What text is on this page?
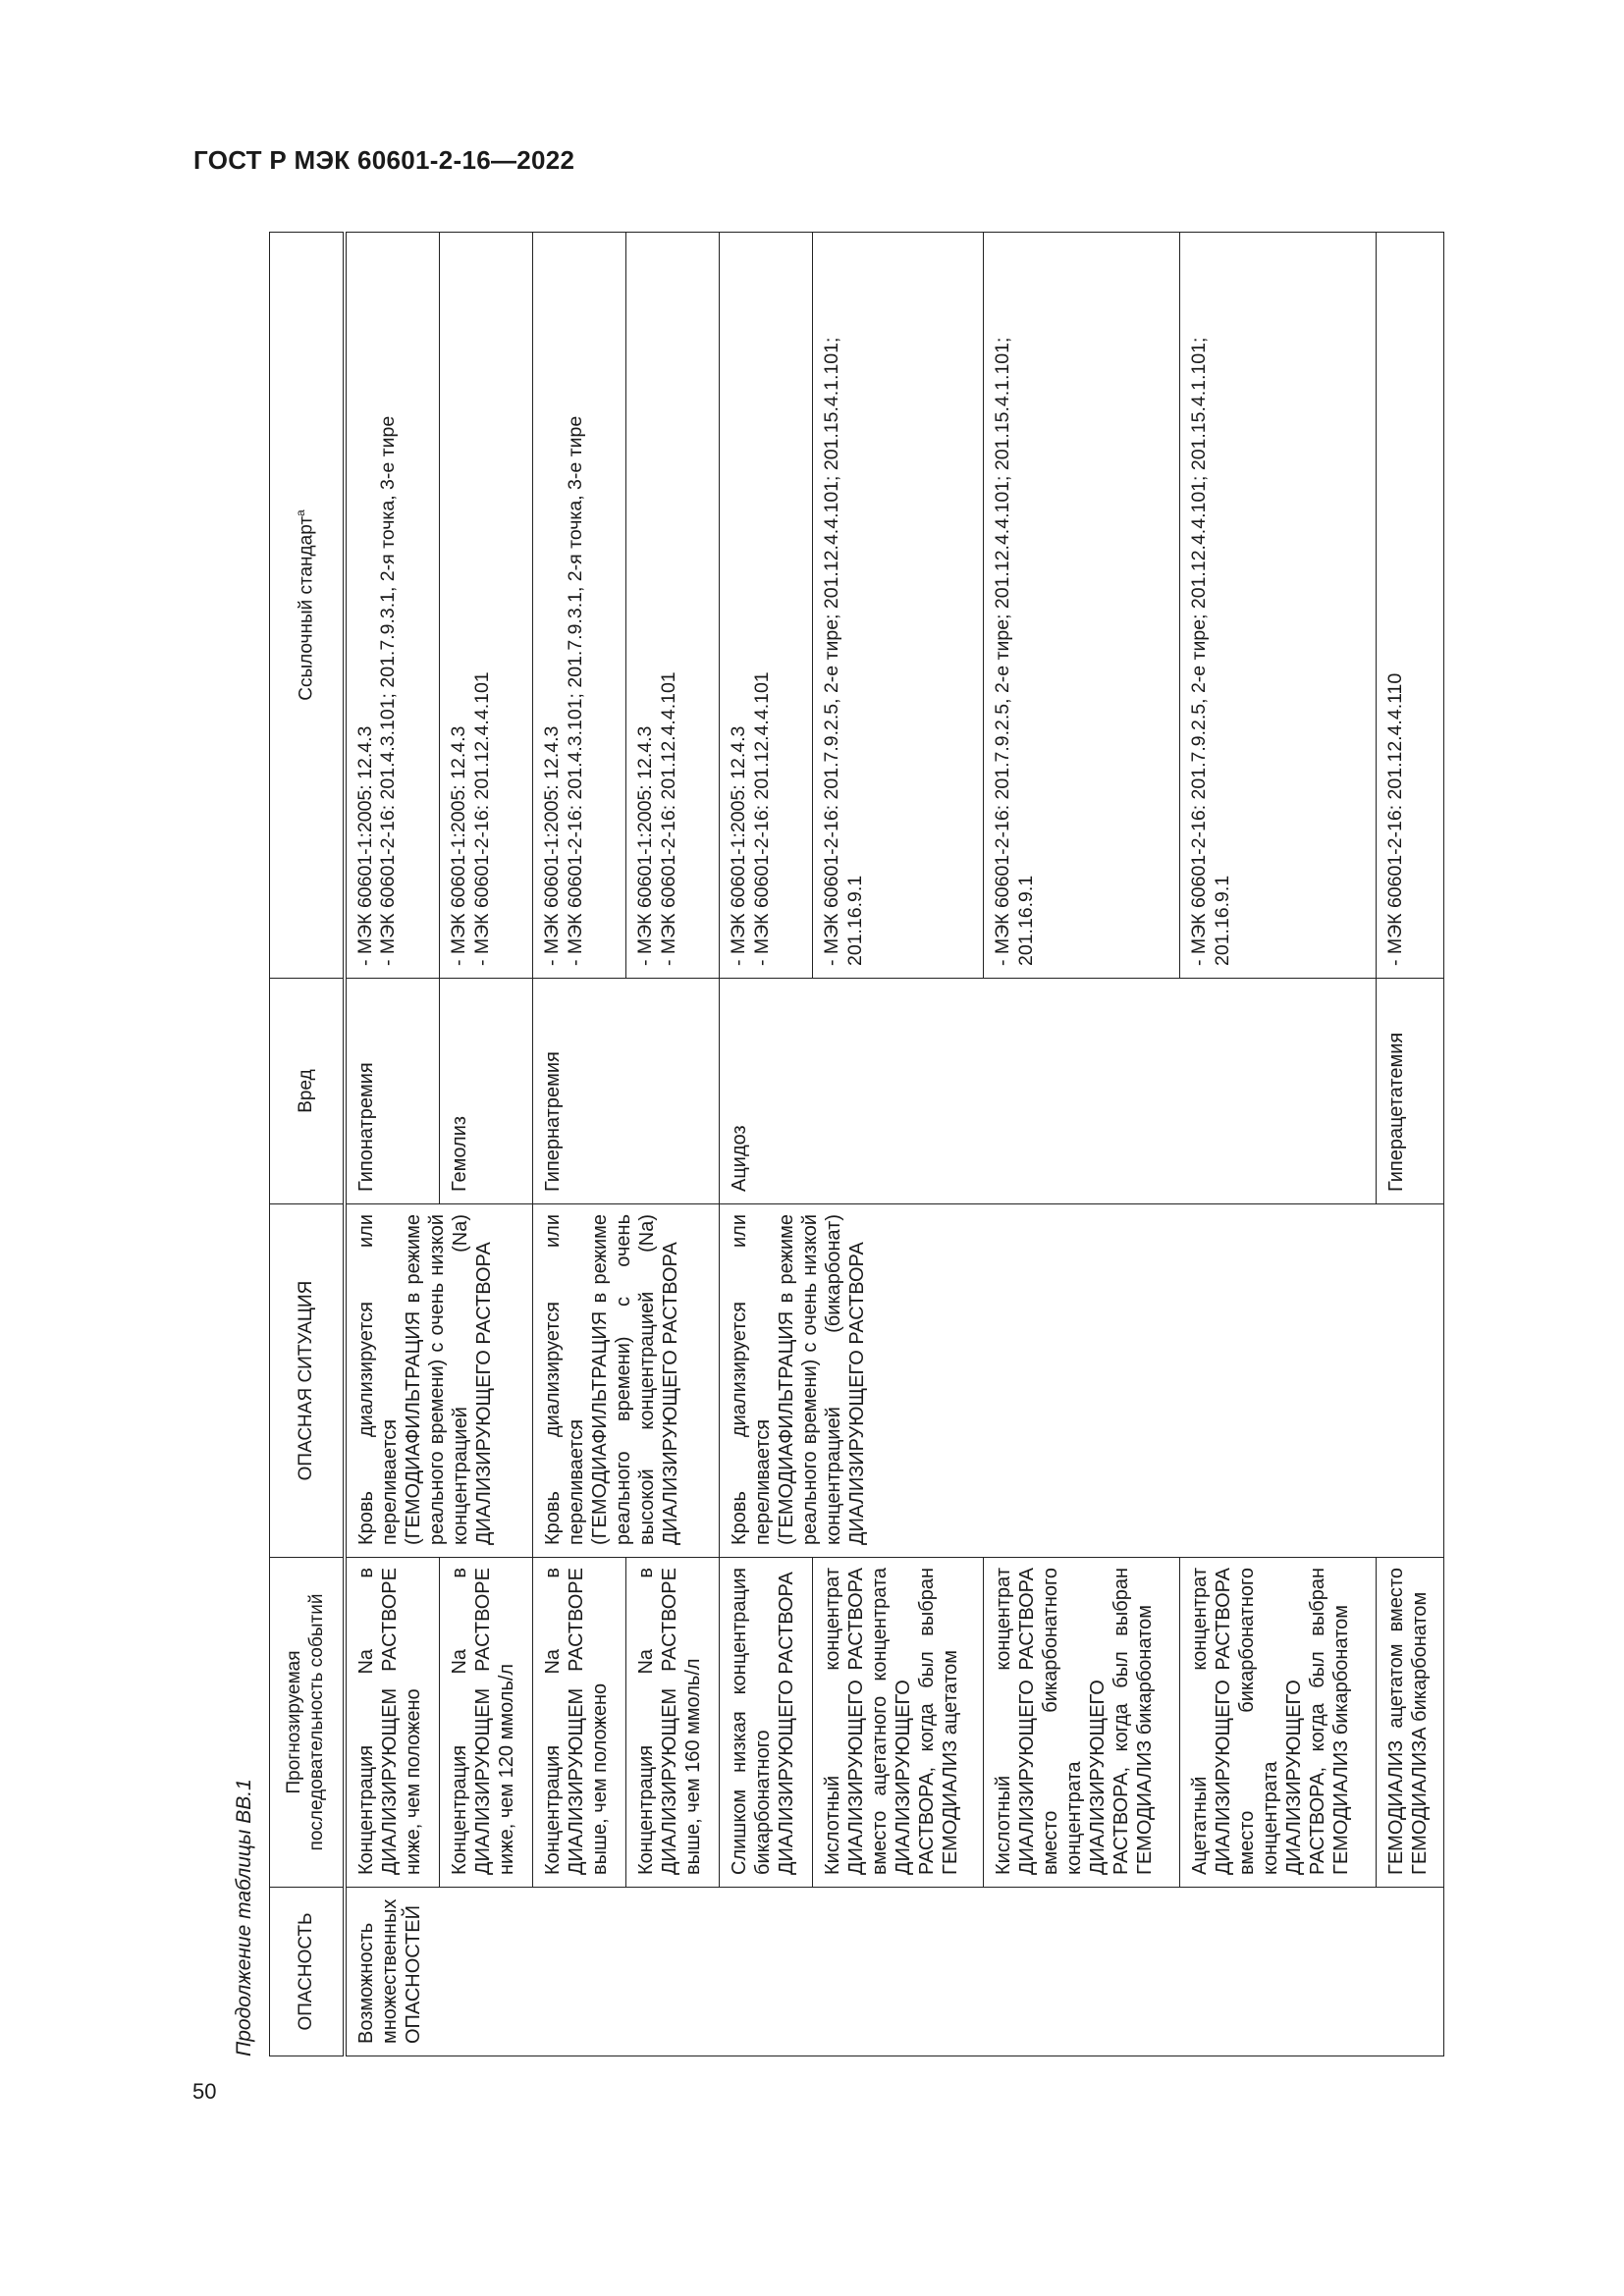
ГОСТ Р МЭК 60601-2-16—2022

Продолжение таблицы ВВ.1 ОПАСНОСТЬ	Прогнозируемая последовательность событий	ОПАСНАЯ СИТУАЦИЯ	Вред	Ссылочный стандарт$^а$
Возможность множественных ОПАСНОСТЕЙ	Концентрация Na в ДИАЛИЗИРУЮЩЕМ РАСТВОРЕ ниже, чем положено	Кровь диализируется или переливается (ГЕМОДИАФИЛЬТРАЦИЯ в режиме реального времени) с очень низкой концентрацией (Na) ДИАЛИЗИРУЮЩЕГО РАСТВОРА	Гипонатремия	- МЭК 60601-1:2005: 12.4.3
- МЭК 60601-2-16: 201.4.3.101; 201.7.9.3.1, 2-я точка, 3-е тире
	Концентрация Na в ДИАЛИЗИРУЮЩЕМ РАСТВОРЕ ниже, чем 120 ммоль/л		Гемолиз	- МЭК 60601-1:2005: 12.4.3
- МЭК 60601-2-16: 201.12.4.4.101
	Концентрация Na в ДИАЛИЗИРУЮЩЕМ РАСТВОРЕ выше, чем положено	Кровь диализируется или переливается (ГЕМОДИАФИЛЬТРАЦИЯ в режиме реального времени) с очень высокой концентрацией (Na) ДИАЛИЗИРУЮЩЕГО РАСТВОРА	Гипернатремия	- МЭК 60601-1:2005: 12.4.3
- МЭК 60601-2-16: 201.4.3.101; 201.7.9.3.1, 2-я точка, 3-е тире
	Концентрация Na в ДИАЛИЗИРУЮЩЕМ РАСТВОРЕ выше, чем 160 ммоль/л			- МЭК 60601-1:2005: 12.4.3
- МЭК 60601-2-16: 201.12.4.4.101
	Слишком низкая концентрация бикарбонатного ДИАЛИЗИРУЮЩЕГО РАСТВОРА	Кровь диализируется или переливается (ГЕМОДИАФИЛЬТРАЦИЯ в режиме реального времени) с очень низкой концентрацией (бикарбонат) ДИАЛИЗИРУЮЩЕГО РАСТВОРА	Ацидоз	- МЭК 60601-1:2005: 12.4.3
- МЭК 60601-2-16: 201.12.4.4.101
	Кислотный концентрат ДИАЛИЗИРУЮЩЕГО РАСТВОРА вместо ацетатного концентрата ДИАЛИЗИРУЮЩЕГО РАСТВОРА, когда был выбран ГЕМОДИАЛИЗ ацетатом			- МЭК 60601-2-16: 201.7.9.2.5, 2-е тире; 201.12.4.4.101; 201.15.4.1.101; 201.16.9.1
	Кислотный концентрат ДИАЛИЗИРУЮЩЕГО РАСТВОРА вместо бикарбонатного концентрата ДИАЛИЗИРУЮЩЕГО РАСТВОРА, когда был выбран ГЕМОДИАЛИЗ бикарбонатом			- МЭК 60601-2-16: 201.7.9.2.5, 2-е тире; 201.12.4.4.101; 201.15.4.1.101; 201.16.9.1
	Ацетатный концентрат ДИАЛИЗИРУЮЩЕГО РАСТВОРА вместо бикарбонатного концентрата ДИАЛИЗИРУЮЩЕГО РАСТВОРА, когда был выбран ГЕМОДИАЛИЗ бикарбонатом			- МЭК 60601-2-16: 201.7.9.2.5, 2-е тире; 201.12.4.4.101; 201.15.4.1.101; 201.16.9.1
	ГЕМОДИАЛИЗ ацетатом вместо ГЕМОДИАЛИЗА бикарбонатом		Гиперацетатемия	- МЭК 60601-2-16: 201.12.4.4.110
50
